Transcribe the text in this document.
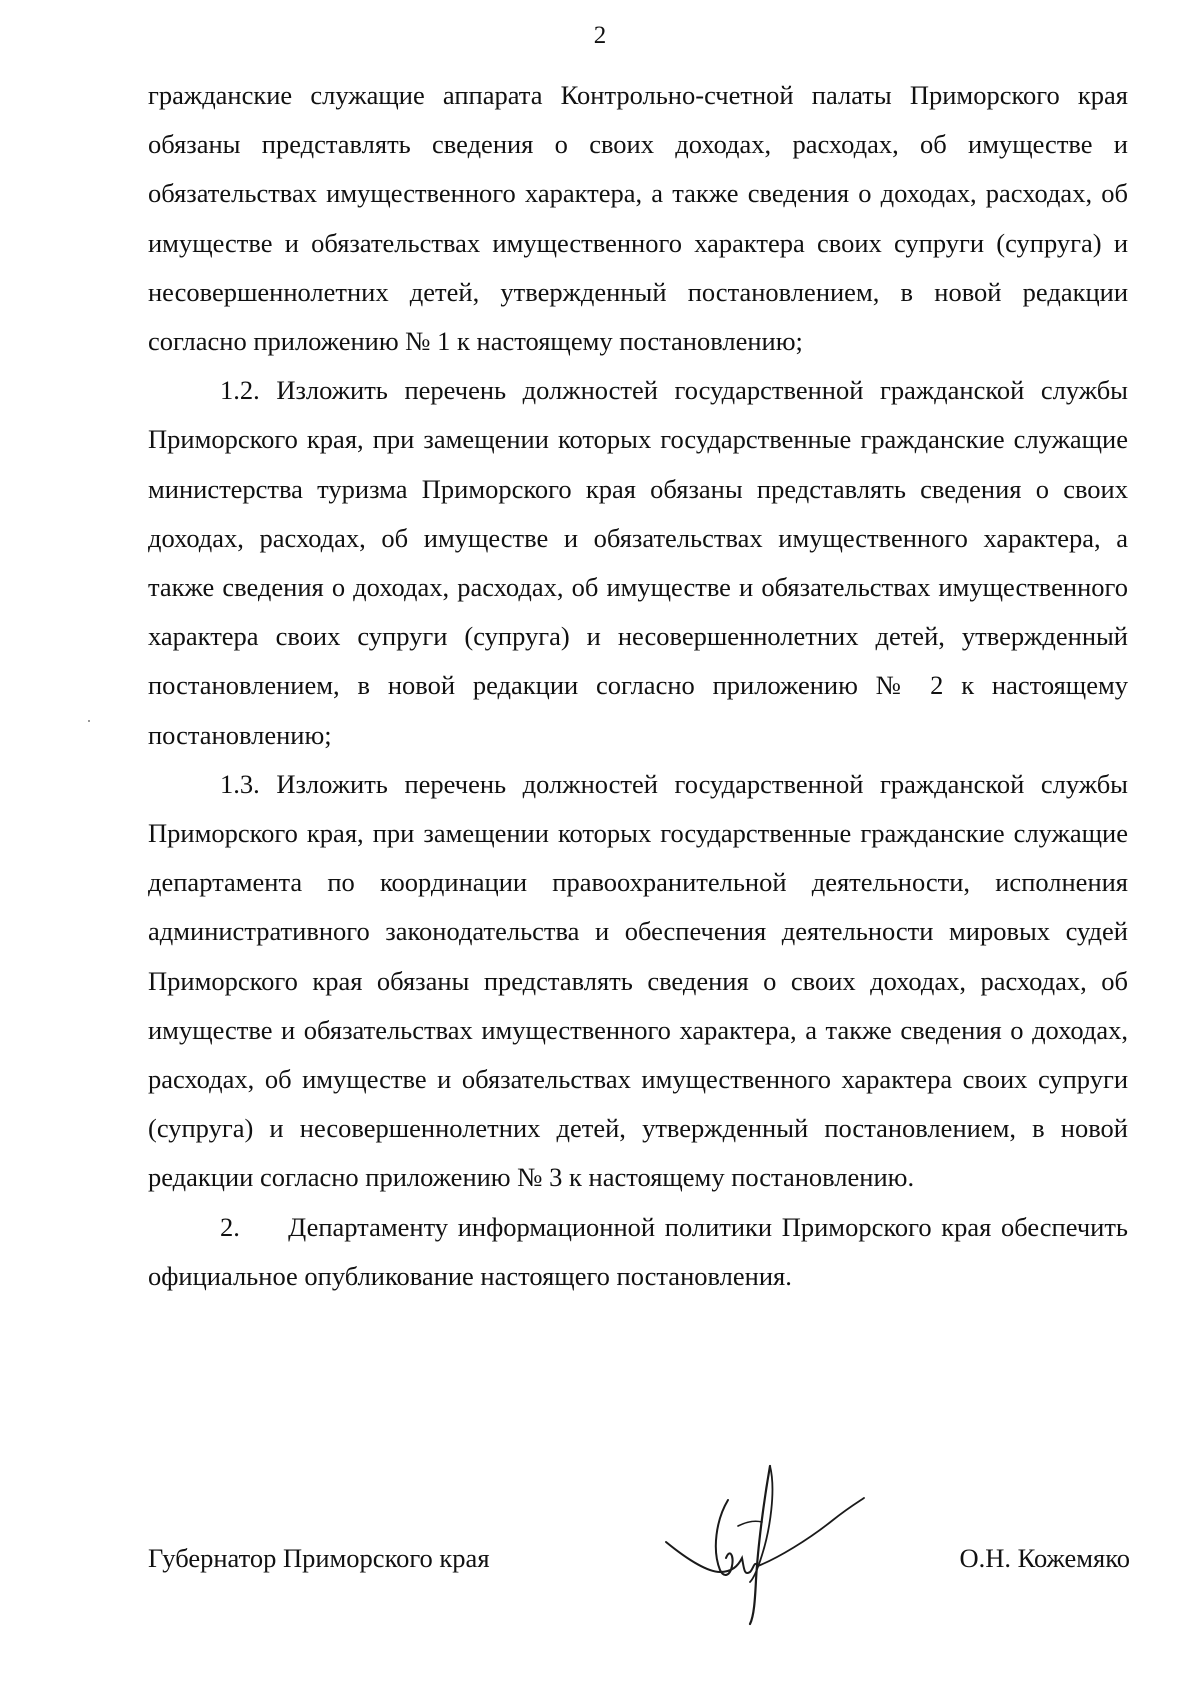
2

гражданские служащие аппарата Контрольно-счетной палаты Приморского края обязаны представлять сведения о своих доходах, расходах, об имуществе и обязательствах имущественного характера, а также сведения о доходах, расходах, об имуществе и обязательствах имущественного характера своих супруги (супруга) и несовершеннолетних детей, утвержденный постановлением, в новой редакции согласно приложению № 1 к настоящему постановлению;

1.2. Изложить перечень должностей государственной гражданской службы Приморского края, при замещении которых государственные гражданские служащие министерства туризма Приморского края обязаны представлять сведения о своих доходах, расходах, об имуществе и обязательствах имущественного характера, а также сведения о доходах, расходах, об имуществе и обязательствах имущественного характера своих супруги (супруга) и несовершеннолетних детей, утвержденный постановлением, в новой редакции согласно приложению № 2 к настоящему постановлению;

1.3. Изложить перечень должностей государственной гражданской службы Приморского края, при замещении которых государственные гражданские служащие департамента по координации правоохранительной деятельности, исполнения административного законодательства и обеспечения деятельности мировых судей Приморского края обязаны представлять сведения о своих доходах, расходах, об имуществе и обязательствах имущественного характера, а также сведения о доходах, расходах, об имуществе и обязательствах имущественного характера своих супруги (супруга) и несовершеннолетних детей, утвержденный постановлением, в новой редакции согласно приложению № 3 к настоящему постановлению.

2.     Департаменту информационной политики Приморского края обеспечить официальное опубликование настоящего постановления.

Губернатор Приморского края	О.Н. Кожемяко
